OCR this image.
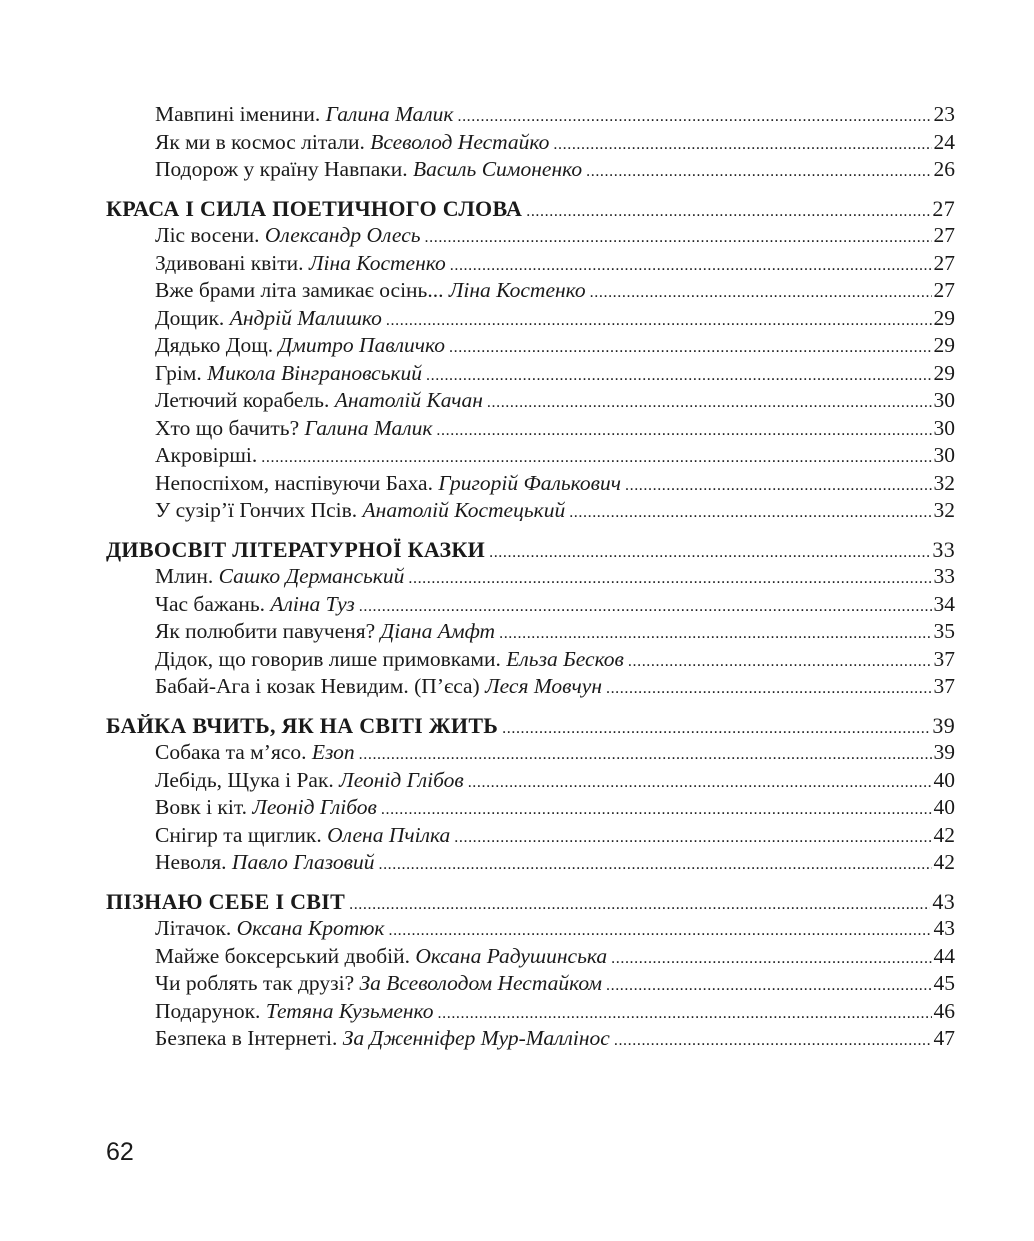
Мавпині іменини. Галина Малик .....	23
Як ми в космос літали. Всеволод Нестайко .....	24
Подорож у країну Навпаки. Василь Симоненко .....	26
КРАСА І СИЛА ПОЕТИЧНОГО СЛОВА .....	27
Ліс восени. Олександр Олесь .....	27
Здивовані квіти. Ліна Костенко .....	27
Вже брами літа замикає осінь... Ліна Костенко .....	27
Дощик. Андрій Малишко .....	29
Дядько Дощ. Дмитро Павличко .....	29
Грім. Микола Вінграновський .....	29
Летючий корабель. Анатолій Качан .....	30
Хто що бачить? Галина Малик .....	30
Акровірші. .....	30
Непоспіхом, наспівуючи Баха. Григорій Фалькович .....	32
У сузір’ї Гончих Псів. Анатолій Костецький .....	32
ДИВОСВІТ ЛІТЕРАТУРНОЇ КАЗКИ .....	33
Млин. Сашко Дерманський .....	33
Час бажань. Аліна Туз .....	34
Як полюбити павученя? Діана Амфт .....	35
Дідок, що говорив лише примовками. Ельза Бесков .....	37
Бабай-Ага і козак Невидим. (П’єса) Леся Мовчун .....	37
БАЙКА ВЧИТЬ, ЯК НА СВІТІ ЖИТЬ .....	39
Собака та м’ясо. Езоп .....	39
Лебідь, Щука і Рак. Леонід Глібов .....	40
Вовк і кіт. Леонід Глібов .....	40
Снігир та щиглик. Олена Пчілка .....	42
Неволя. Павло Глазовий .....	42
ПІЗНАЮ СЕБЕ І СВІТ .....	43
Літачок. Оксана Кротюк .....	43
Майже боксерський двобій. Оксана Радушинська .....	44
Чи роблять так друзі? За Всеволодом Нестайком .....	45
Подарунок. Тетяна Кузьменко .....	46
Безпека в Інтернеті. За Дженніфер Мур-Маллінос .....	47
62
